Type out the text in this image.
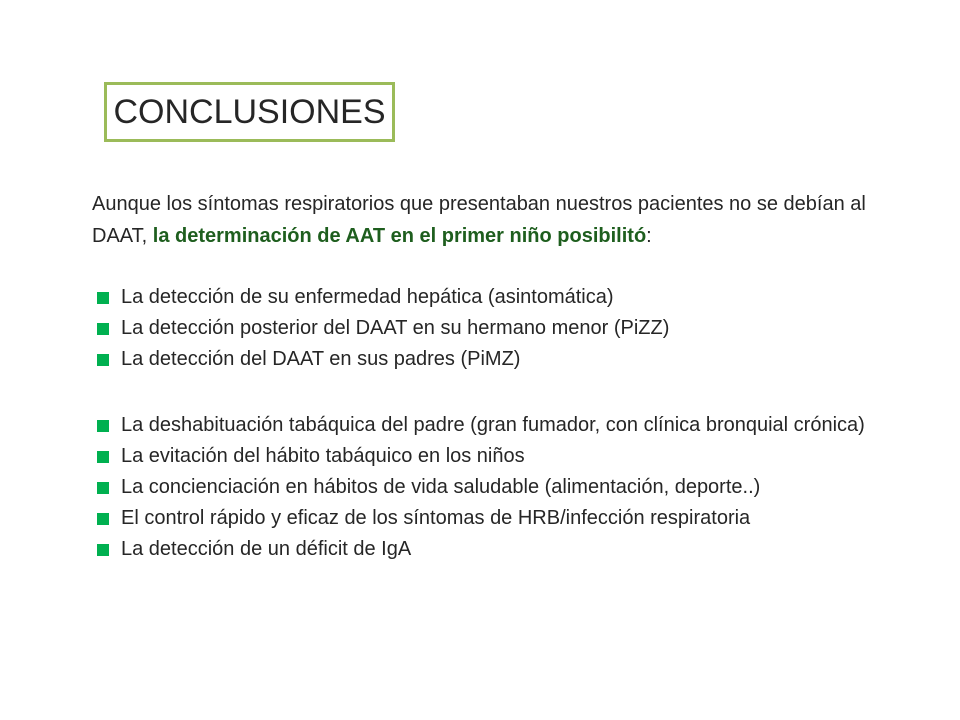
CONCLUSIONES
Aunque los síntomas respiratorios que presentaban nuestros pacientes no se debían al DAAT, la determinación de AAT en el primer niño posibilitó:
La detección de su enfermedad hepática (asintomática)
La detección posterior del DAAT en su hermano menor (PiZZ)
La detección del DAAT en sus padres (PiMZ)
La deshabituación tabáquica del padre (gran fumador, con clínica bronquial crónica)
La evitación del hábito tabáquico en los niños
La concienciación en hábitos de vida saludable (alimentación, deporte..)
El control rápido y eficaz de los síntomas de HRB/infección respiratoria
La detección de un déficit de IgA
